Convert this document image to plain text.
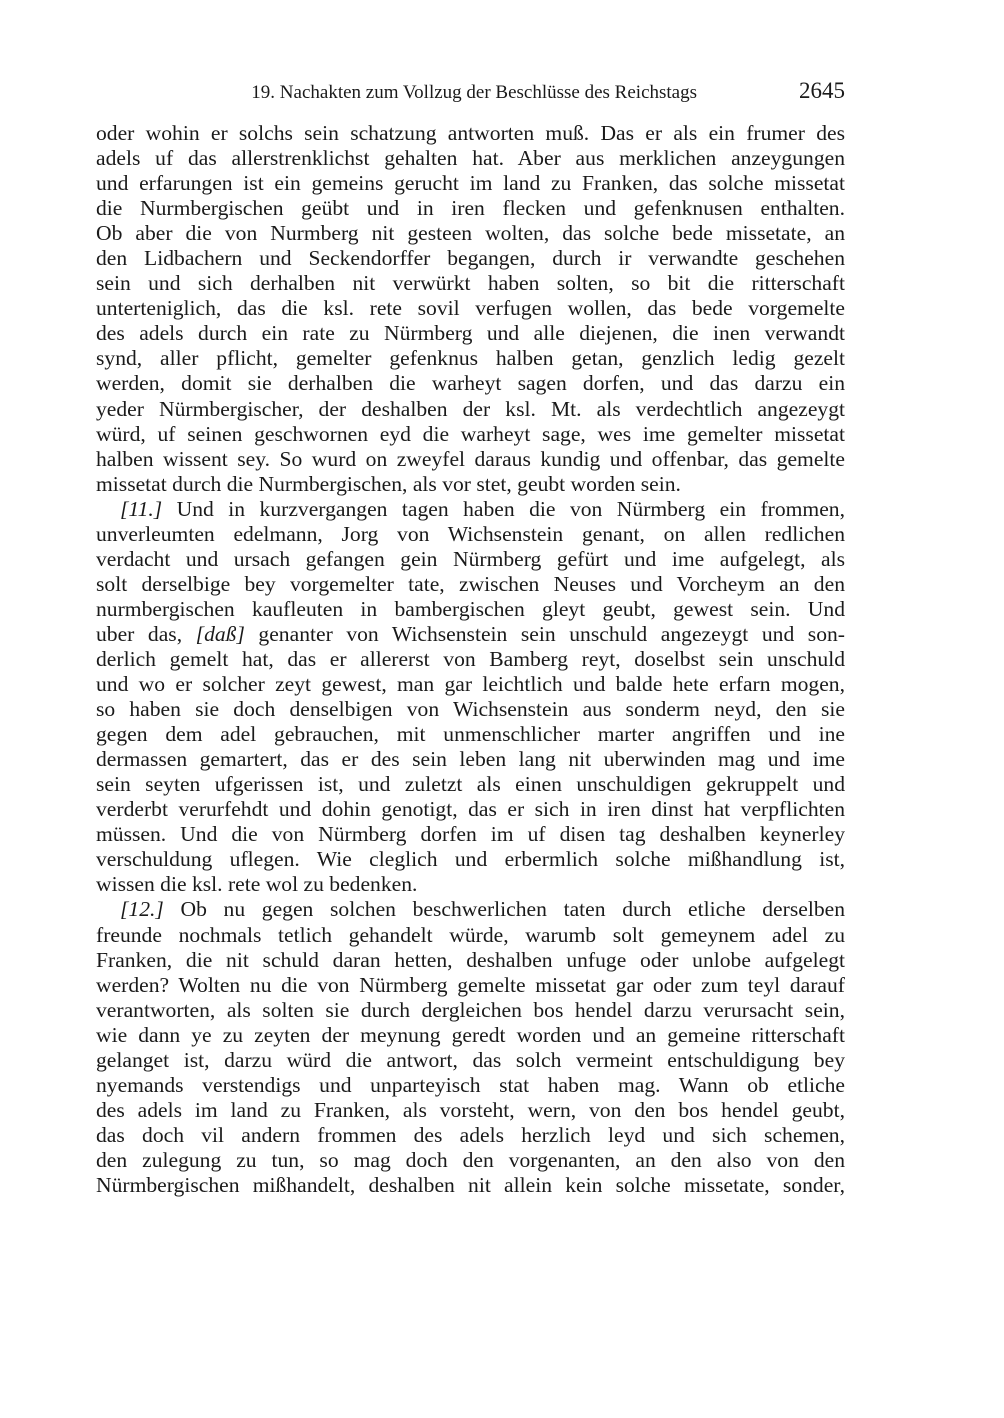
19. Nachakten zum Vollzug der Beschlüsse des Reichstags	2645
oder wohin er solchs sein schatzung antworten muß. Das er als ein frumer des
adels uf das allerstrenklichst gehalten hat. Aber aus merklichen anzeygungen
und erfarungen ist ein gemeins gerucht im land zu Franken, das solche missetat
die Nurmbergischen geübt und in iren flecken und gefenknusen enthalten.
Ob aber die von Nurmberg nit gesteen wolten, das solche bede missetate, an
den Lidbachern und Seckendorffer begangen, durch ir verwandte geschehen
sein und sich derhalben nit verwürkt haben solten, so bit die ritterschaft
unterteniglich, das die ksl. rete sovil verfugen wollen, das bede vorgemelte
des adels durch ein rate zu Nürmberg und alle diejenen, die inen verwandt
synd, aller pflicht, gemelter gefenknus halben getan, genzlich ledig gezelt
werden, domit sie derhalben die warheyt sagen dorfen, und das darzu ein
yeder Nürmbergischer, der deshalben der ksl. Mt. als verdechtlich angezeygt
würd, uf seinen geschwornen eyd die warheyt sage, wes ime gemelter missetat
halben wissent sey. So wurd on zweyfel daraus kundig und offenbar, das gemelte
missetat durch die Nurmbergischen, als vor stet, geubt worden sein.
[11.] Und in kurzvergangen tagen haben die von Nürmberg ein frommen,
unverleumten edelmann, Jorg von Wichsenstein genant, on allen redlichen
verdacht und ursach gefangen gein Nürmberg gefürt und ime aufgelegt, als
solt derselbige bey vorgemelter tate, zwischen Neuses und Vorcheym an den
nurmbergischen kaufleuten in bambergischen gleyt geubt, gewest sein. Und
uber das, [daß] genanter von Wichsenstein sein unschuld angezeygt und son-
derlich gemelt hat, das er allererst von Bamberg reyt, doselbst sein unschuld
und wo er solcher zeyt gewest, man gar leichtlich und balde hete erfarn mogen,
so haben sie doch denselbigen von Wichsenstein aus sonderm neyd, den sie
gegen dem adel gebrauchen, mit unmenschlicher marter angriffen und ine
dermassen gemartert, das er des sein leben lang nit uberwinden mag und ime
sein seyten ufgerissen ist, und zuletzt als einen unschuldigen gekruppelt und
verderbt verurfehdt und dohin genotigt, das er sich in iren dinst hat verpflichten
müssen. Und die von Nürmberg dorfen im uf disen tag deshalben keynerley
verschuldung uflegen. Wie cleglich und erbermlich solche mißhandlung ist,
wissen die ksl. rete wol zu bedenken.
[12.] Ob nu gegen solchen beschwerlichen taten durch etliche derselben
freunde nochmals tetlich gehandelt würde, warumb solt gemeynem adel zu
Franken, die nit schuld daran hetten, deshalben unfuge oder unlobe aufgelegt
werden? Wolten nu die von Nürmberg gemelte missetat gar oder zum teyl darauf
verantworten, als solten sie durch dergleichen bos hendel darzu verursacht sein,
wie dann ye zu zeyten der meynung geredt worden und an gemeine ritterschaft
gelanget ist, darzu würd die antwort, das solch vermeint entschuldigung bey
nyemands verstendigs und unparteyisch stat haben mag. Wann ob etliche
des adels im land zu Franken, als vorsteht, wern, von den bos hendel geubt,
das doch vil andern frommen des adels herzlich leyd und sich schemen,
den zulegung zu tun, so mag doch den vorgenanten, an den also von den
Nürmbergischen mißhandelt, deshalben nit allein kein solche missetate, sonder,
